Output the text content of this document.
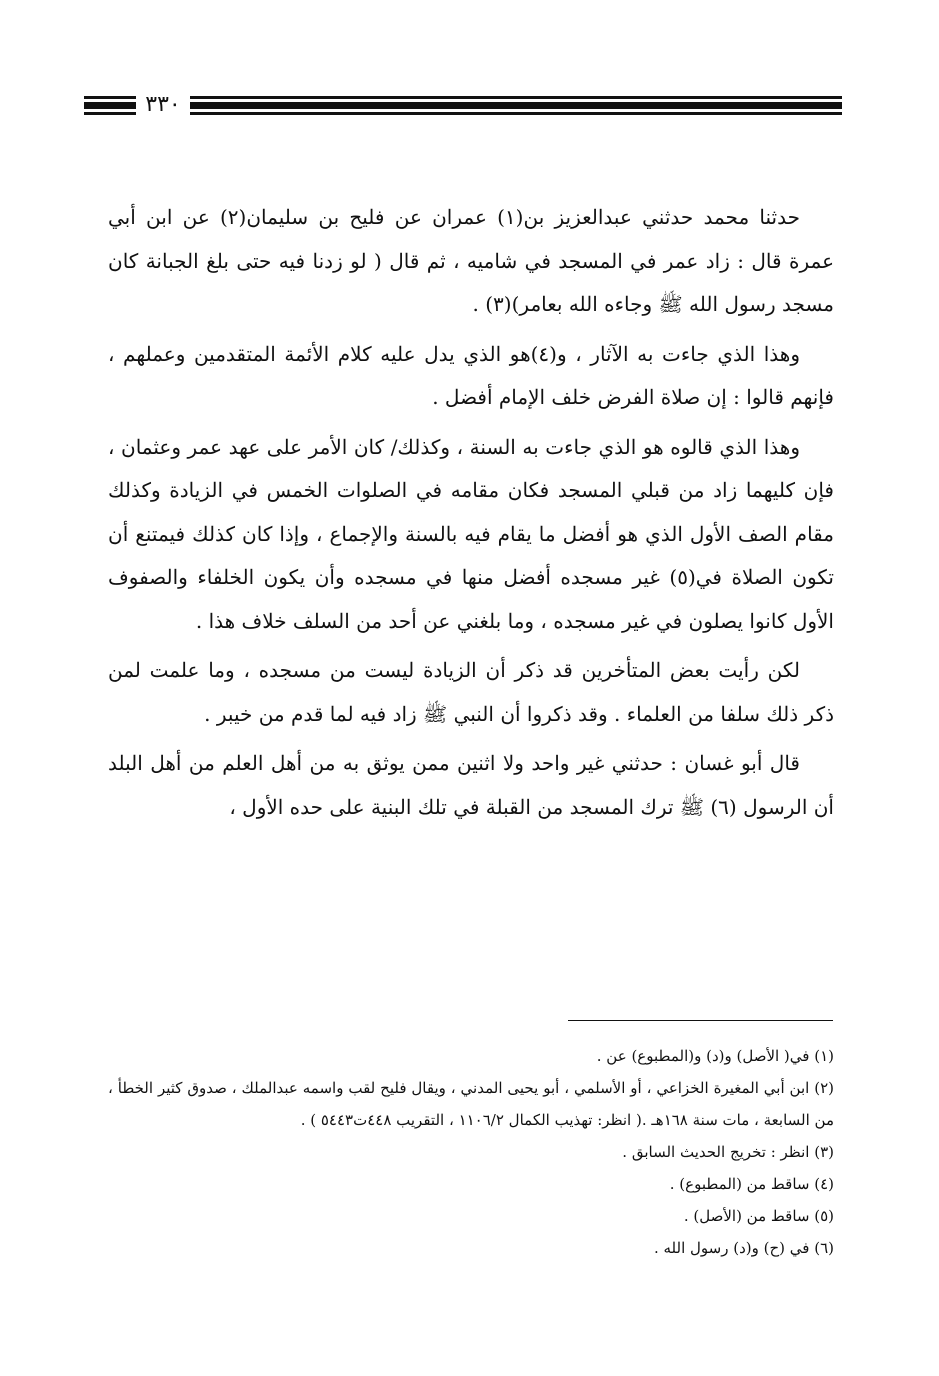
٣٣٠

حدثنا محمد حدثني عبدالعزيز بن(١) عمران عن فليح بن سليمان(٢) عن ابن أبي عمرة قال : زاد عمر في المسجد في شاميه ، ثم قال ( لو زدنا فيه حتى بلغ الجبانة كان مسجد رسول الله ﷺ وجاءه الله بعامر)(٣) .

وهذا الذي جاءت به الآثار ، و(٤)هو الذي يدل عليه كلام الأئمة المتقدمين وعملهم ، فإنهم قالوا : إن صلاة الفرض خلف الإمام أفضل .

وهذا الذي قالوه هو الذي جاءت به السنة ، وكذلك/ كان الأمر على عهد عمر وعثمان ، فإن كليهما زاد من قبلي المسجد فكان مقامه في الصلوات الخمس في الزيادة وكذلك مقام الصف الأول الذي هو أفضل ما يقام فيه بالسنة والإجماع ، وإذا كان كذلك فيمتنع أن تكون الصلاة في(٥) غير مسجده أفضل منها في مسجده وأن يكون الخلفاء والصفوف الأول كانوا يصلون في غير مسجده ، وما بلغني عن أحد من السلف خلاف هذا .

لكن رأيت بعض المتأخرين قد ذكر أن الزيادة ليست من مسجده ، وما علمت لمن ذكر ذلك سلفا من العلماء . وقد ذكروا أن النبي ﷺ زاد فيه لما قدم من خيبر .

قال أبو غسان : حدثني غير واحد ولا اثنين ممن يوثق به من أهل العلم من أهل البلد أن الرسول (٦) ﷺ ترك المسجد من القبلة في تلك البنية على حده الأول ،

(١) في( الأصل) و(د) و(المطبوع) عن .

(٢) ابن أبي المغيرة الخزاعي ، أو الأسلمي ، أبو يحيى المدني ، ويقال فليح لقب واسمه عبدالملك ، صدوق كثير الخطأ ، من السابعة ، مات سنة ١٦٨هـ .( انظر: تهذيب الكمال ١١٠٦/٢ ، التقريب ٤٤٨ت٥٤٤٣ ) .

(٣) انظر : تخريج الحديث السابق .

(٤) ساقط من (المطبوع) .

(٥) ساقط من (الأصل) .

(٦) في (ح) و(د) رسول الله .
